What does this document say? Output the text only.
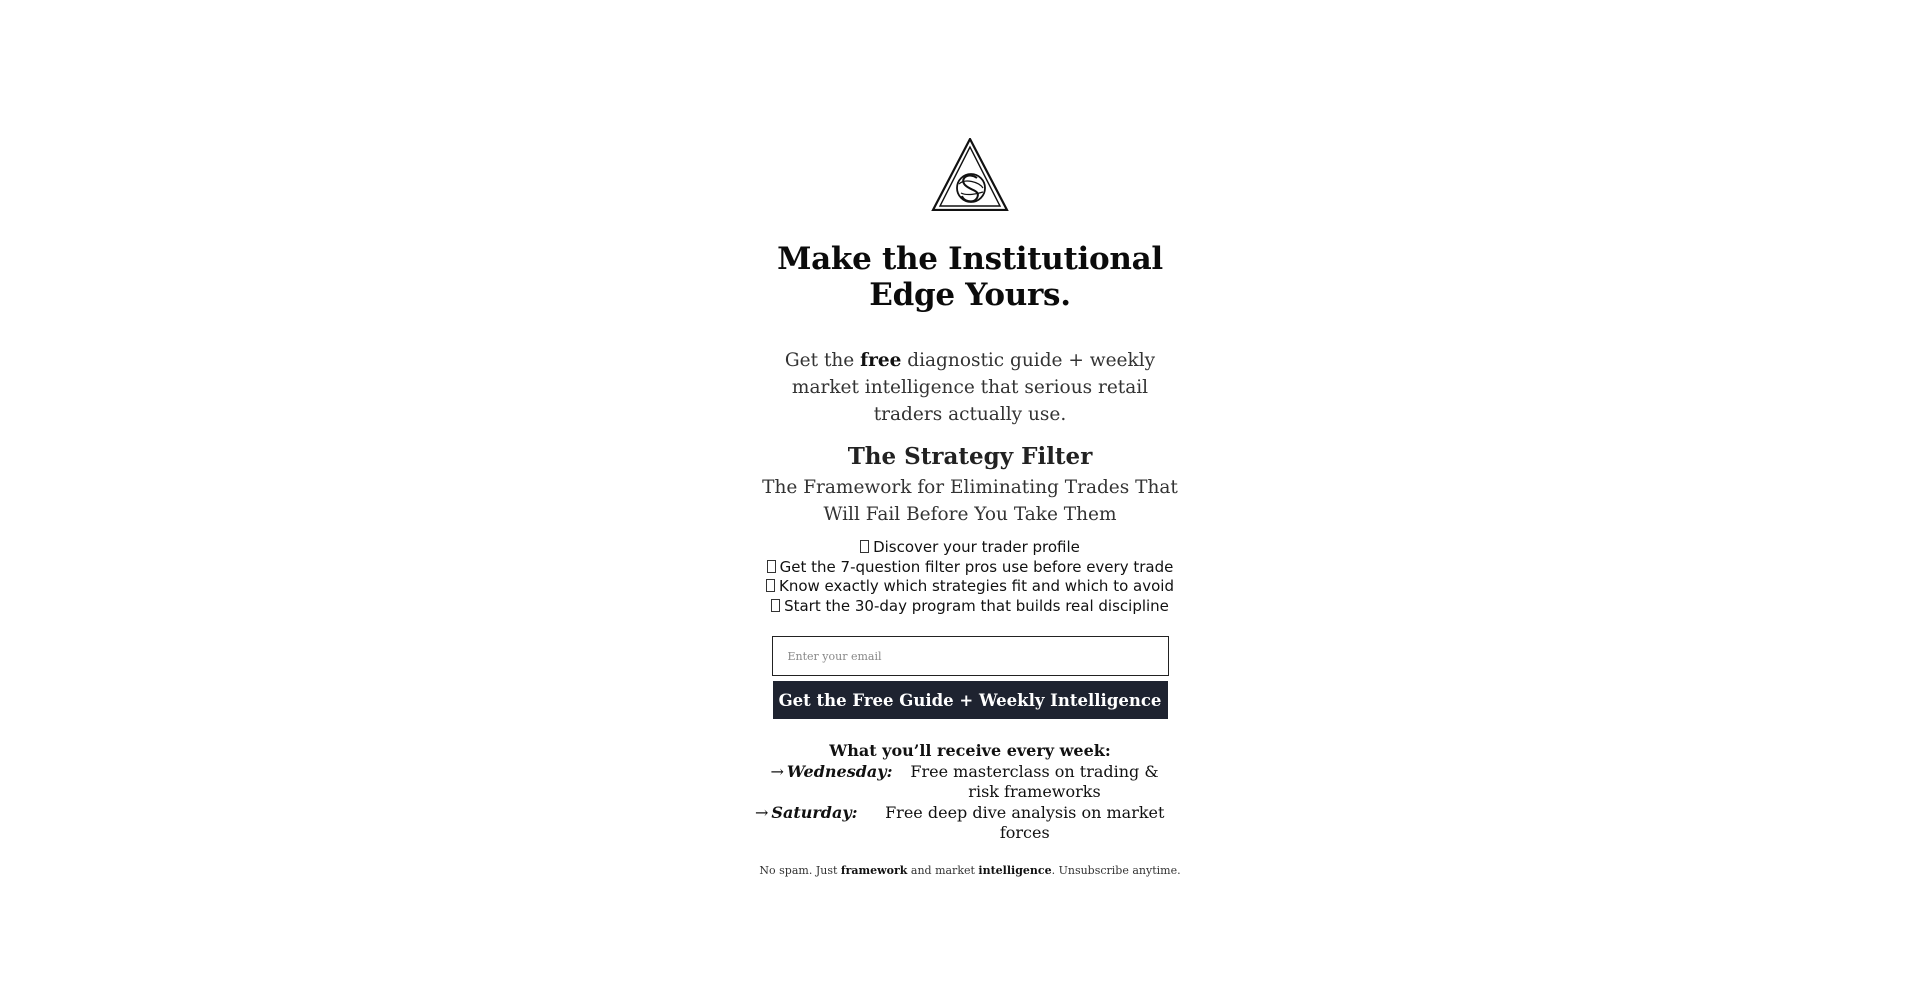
Make the Institutional Edge Yours.

Get the free diagnostic guide + weekly market intelligence that serious retail traders actually use.

The Strategy Filter

The Framework for Eliminating Trades That Will Fail Before You Take Them

Discover your trader profile
Get the 7-question filter pros use before every trade
Know exactly which strategies fit and which to avoid
Start the 30-day program that builds real discipline
Enter your email
Get the Free Guide + Weekly Intelligence
What you’ll receive every week:
→ Wednesday:	Free masterclass on trading & risk frameworks
→ Saturday:	Free deep dive analysis on market forces
No spam. Just framework and market intelligence. Unsubscribe anytime.
